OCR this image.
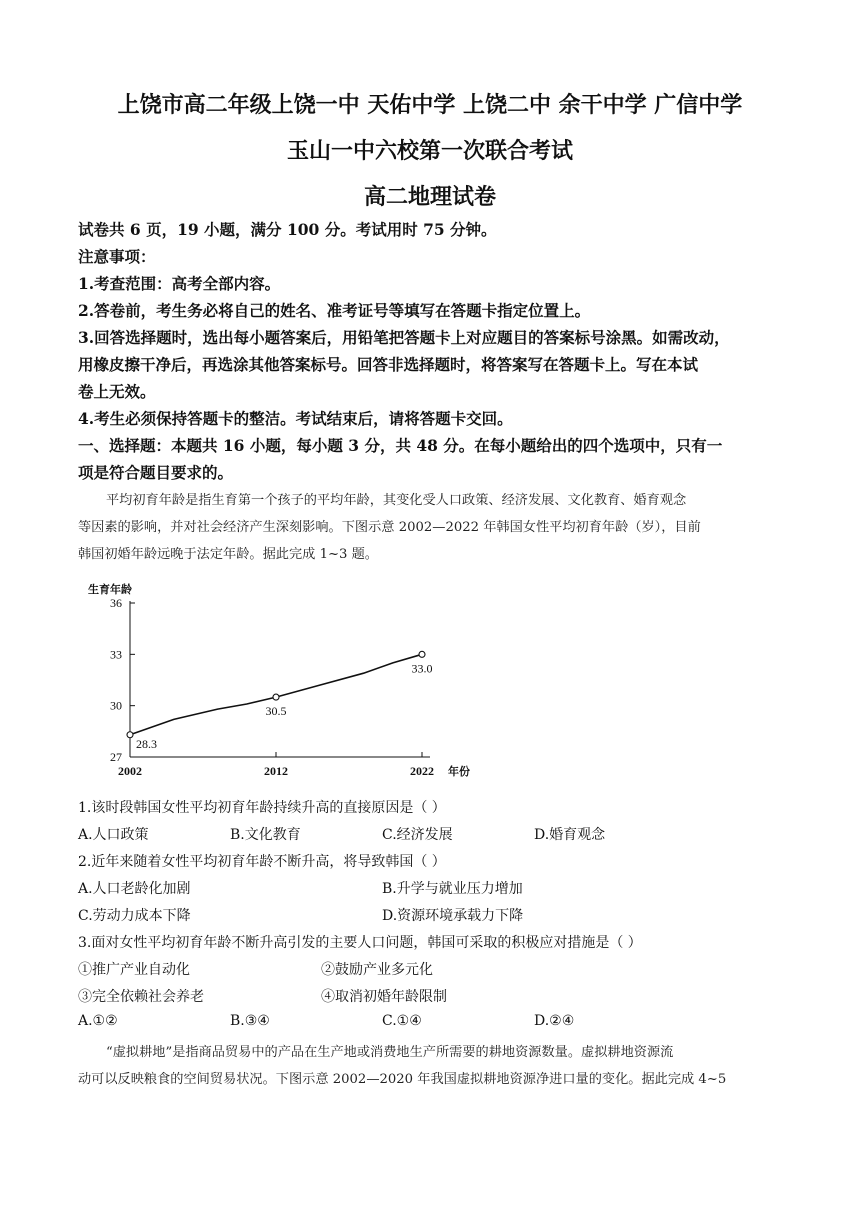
上饶市高二年级上饶一中 天佑中学 上饶二中 余干中学 广信中学
玉山一中六校第一次联合考试
高二地理试卷
试卷共 6 页，19 小题，满分 100 分。考试用时 75 分钟。
注意事项：
1.考查范围：高考全部内容。
2.答卷前，考生务必将自己的姓名、准考证号等填写在答题卡指定位置上。
3.回答选择题时，选出每小题答案后，用铅笔把答题卡上对应题目的答案标号涂黑。如需改动，
用橡皮擦干净后，再选涂其他答案标号。回答非选择题时，将答案写在答题卡上。写在本试
卷上无效。
4.考生必须保持答题卡的整洁。考试结束后，请将答题卡交回。
一、选择题：本题共 16 小题，每小题 3 分，共 48 分。在每小题给出的四个选项中，只有一
项是符合题目要求的。
平均初育年龄是指生育第一个孩子的平均年龄，其变化受人口政策、经济发展、文化教育、婚育观念
等因素的影响，并对社会经济产生深刻影响。下图示意 2002—2022 年韩国女性平均初育年龄（岁），目前
韩国初婚年龄远晚于法定年龄。据此完成 1~3 题。
27
30
33
36
2002	2012	2022
生育年龄
年份
28.3
30.5
33.0
1.该时段韩国女性平均初育年龄持续升高的直接原因是（ ）
A.人口政策	B.文化教育	C.经济发展	D.婚育观念
2.近年来随着女性平均初育年龄不断升高，将导致韩国（ ）
A.人口老龄化加剧	B.升学与就业压力增加
C.劳动力成本下降	D.资源环境承载力下降
3.面对女性平均初育年龄不断升高引发的主要人口问题，韩国可采取的积极应对措施是（ ）
①推广产业自动化	②鼓励产业多元化
③完全依赖社会养老	④取消初婚年龄限制
A.①②	B.③④	C.①④	D.②④
“虚拟耕地”是指商品贸易中的产品在生产地或消费地生产所需要的耕地资源数量。虚拟耕地资源流
动可以反映粮食的空间贸易状况。下图示意 2002—2020 年我国虚拟耕地资源净进口量的变化。据此完成 4~5
